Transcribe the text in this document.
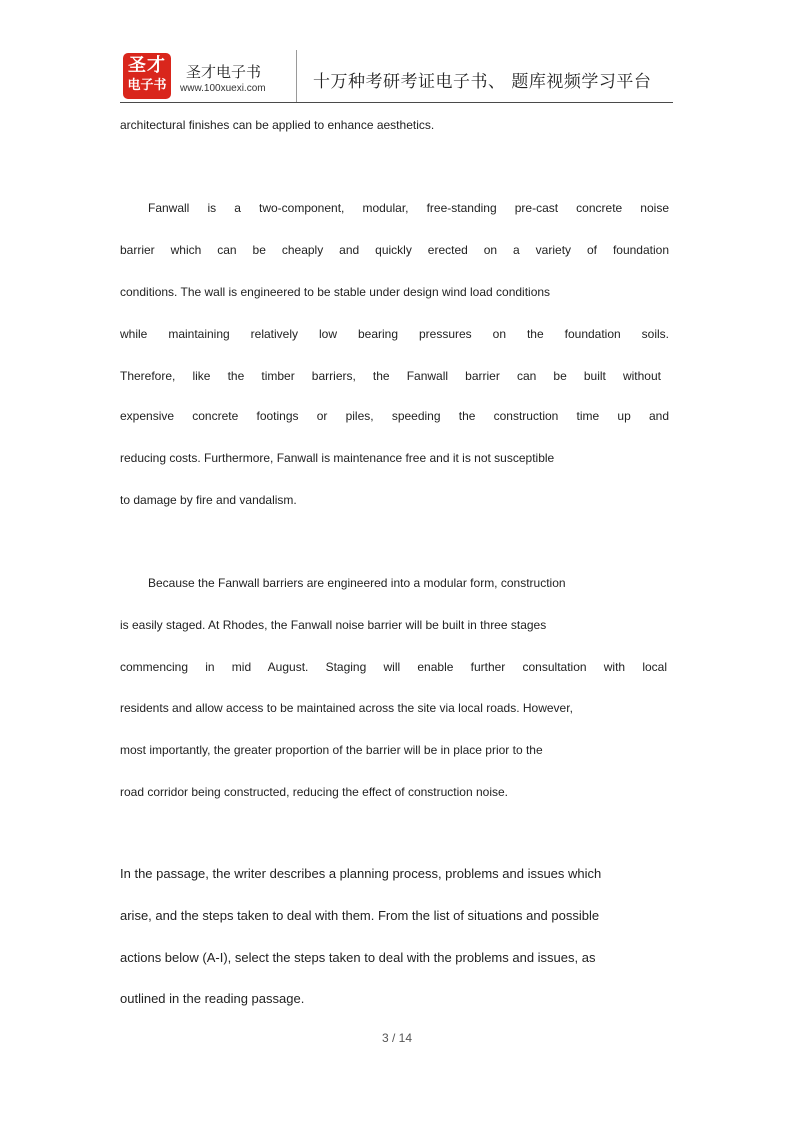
圣才
电子书
圣才电子书
www.100xuexi.com	十万种考研考证电子书、 题库视频学习平台
architectural finishes can be applied to enhance aesthetics.
Fanwall is a two-component, modular, free-standing pre-cast concrete noise
barrier which can be cheaply and quickly erected on a variety of foundation
conditions. The wall is engineered to be stable under design wind load conditions
while maintaining relatively low bearing pressures on the foundation soils.
Therefore, like the timber barriers, the Fanwall barrier can be built without
expensive concrete footings or piles, speeding the construction time up and
reducing costs. Furthermore, Fanwall is maintenance free and it is not susceptible
to damage by fire and vandalism.
Because the Fanwall barriers are engineered into a modular form, construction
is easily staged. At Rhodes, the Fanwall noise barrier will be built in three stages
commencing in mid August. Staging will enable further consultation with local
residents and allow access to be maintained across the site via local roads. However,
most importantly, the greater proportion of the barrier will be in place prior to the
road corridor being constructed, reducing the effect of construction noise.
In the passage, the writer describes a planning process, problems and issues which
arise, and the steps taken to deal with them. From the list of situations and possible
actions below (A-I), select the steps taken to deal with the problems and issues, as
outlined in the reading passage.
3 / 14
